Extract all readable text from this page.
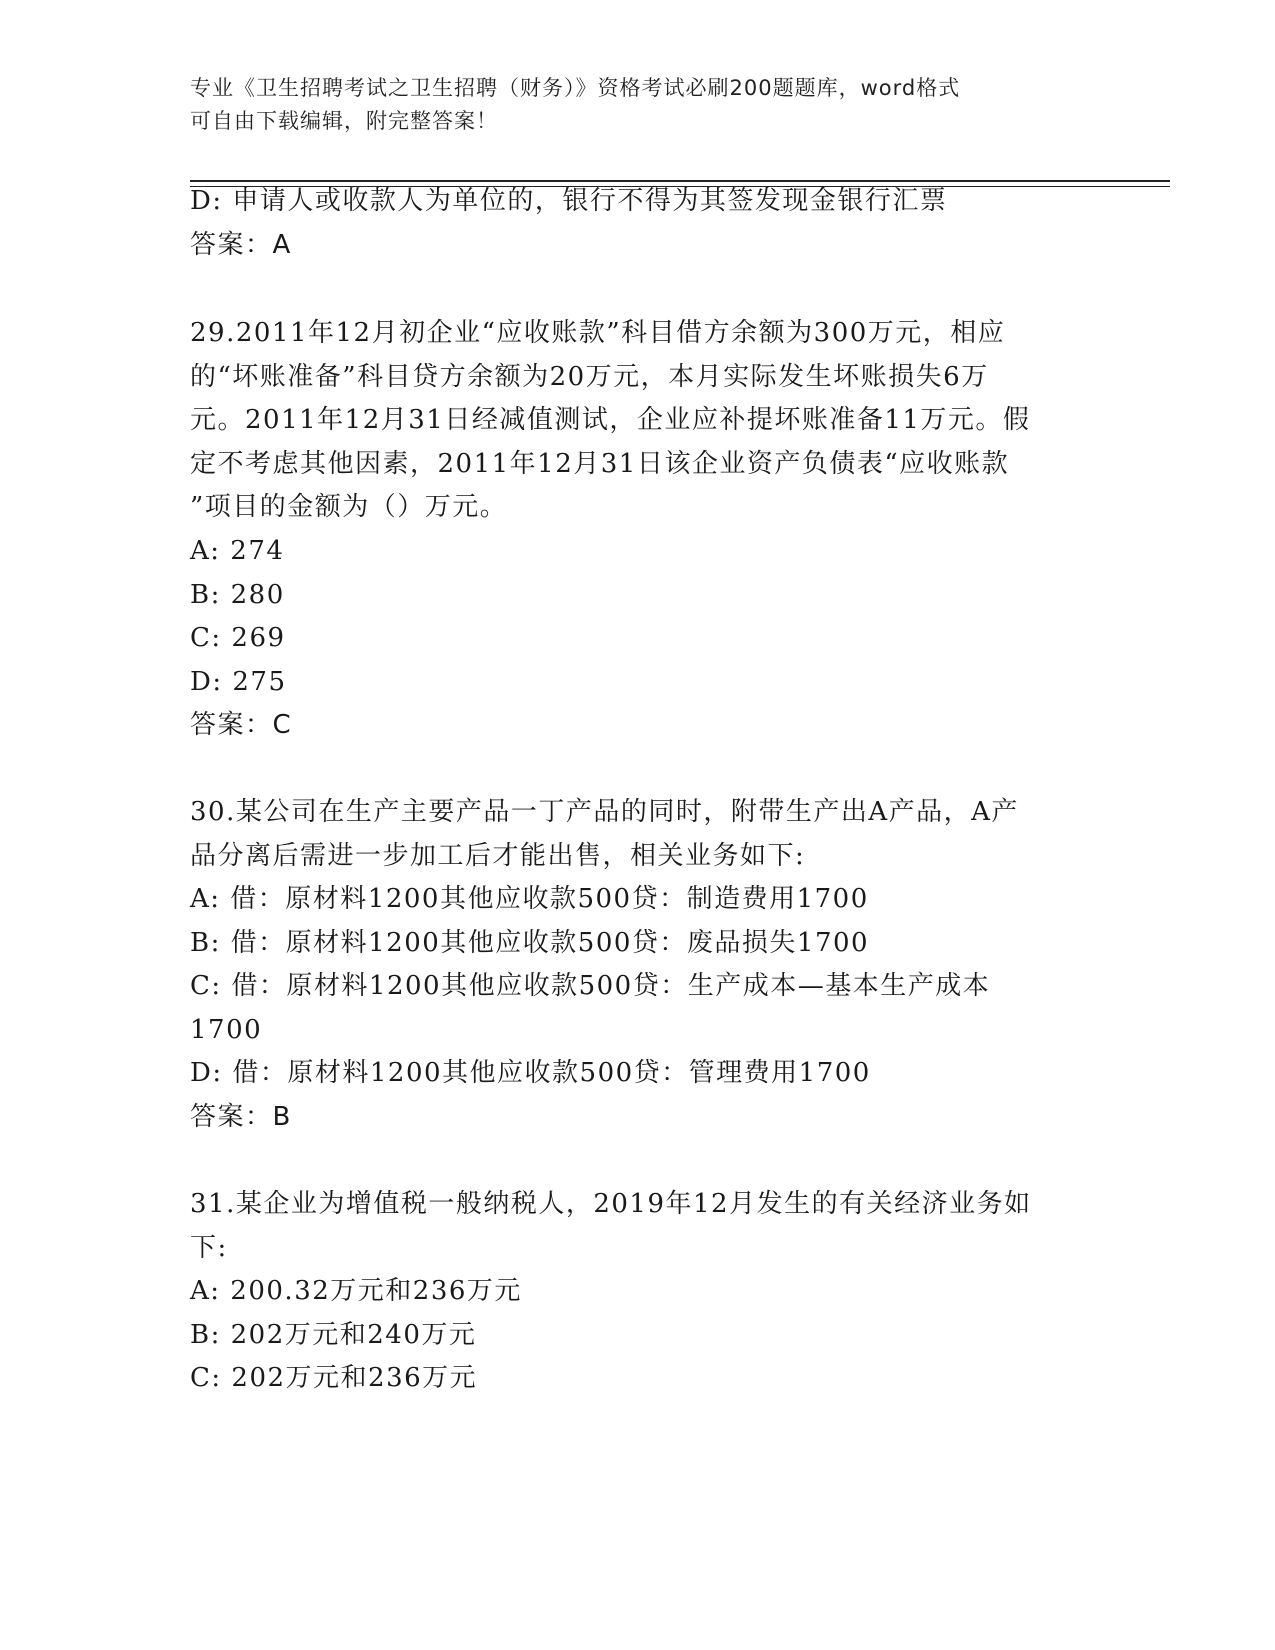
专业《卫生招聘考试之卫生招聘（财务）》资格考试必刷200题题库，word格式
可自由下载编辑，附完整答案！
D: 申请人或收款人为单位的，银行不得为其签发现金银行汇票
答案：A
29.2011年12月初企业“应收账款”科目借方余额为300万元，相应
的“坏账准备”科目贷方余额为20万元，本月实际发生坏账损失6万
元。2011年12月31日经减值测试，企业应补提坏账准备11万元。假
定不考虑其他因素，2011年12月31日该企业资产负债表“应收账款
”项目的金额为（）万元。
A: 274
B: 280
C: 269
D: 275
答案：C
30.某公司在生产主要产品一丁产品的同时，附带生产出A产品，A产
品分离后需进一步加工后才能出售，相关业务如下:
A: 借：原材料1200其他应收款500贷：制造费用1700
B: 借：原材料1200其他应收款500贷：废品损失1700
C: 借：原材料1200其他应收款500贷：生产成本—基本生产成本
1700
D: 借：原材料1200其他应收款500贷：管理费用1700
答案：B
31.某企业为增值税一般纳税人，2019年12月发生的有关经济业务如
下:
A: 200.32万元和236万元
B: 202万元和240万元
C: 202万元和236万元
